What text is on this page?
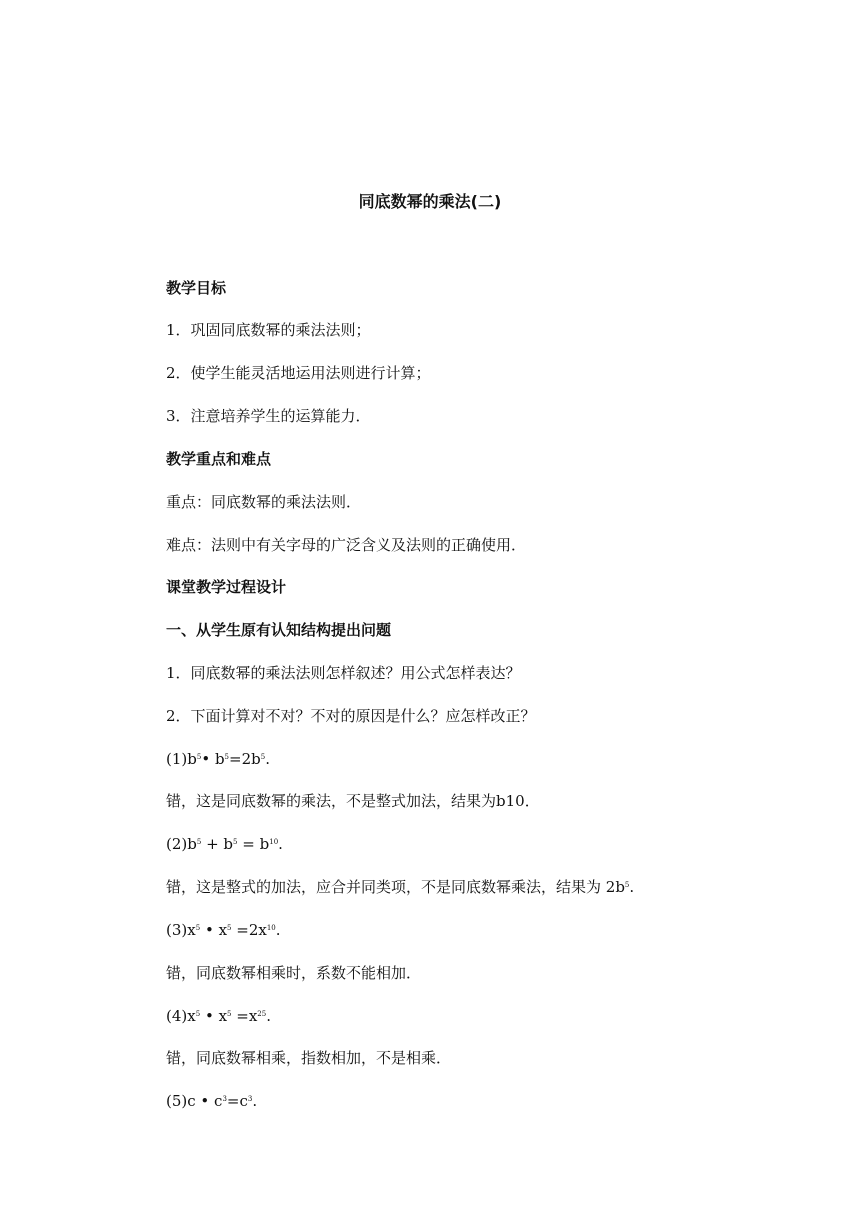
同底数幂的乘法(二)
教学目标
1．巩固同底数幂的乘法法则；
2．使学生能灵活地运用法则进行计算；
3．注意培养学生的运算能力．
教学重点和难点
重点：同底数幂的乘法法则．
难点：法则中有关字母的广泛含义及法则的正确使用．
课堂教学过程设计
一、从学生原有认知结构提出问题
1．同底数幂的乘法法则怎样叙述？用公式怎样表达？
2．下面计算对不对？不对的原因是什么？应怎样改正？
$(1)b^5•$ $b^5=2b^5$.
错，这是同底数幂的乘法，不是整式加法，结果为b10．
$(2)b^5 + b^5 = b^{10}$.
错，这是整式的加法，应合并同类项，不是同底数幂乘法，结果为 $2b^5$.
$(3)x^5$ • $x^5 =2x^{10}$.
错，同底数幂相乘时，系数不能相加．
$(4)x^5$ • $x^5 =x^{25}$.
错，同底数幂相乘，指数相加，不是相乘．
(5)c • $c^3=c^3$.
